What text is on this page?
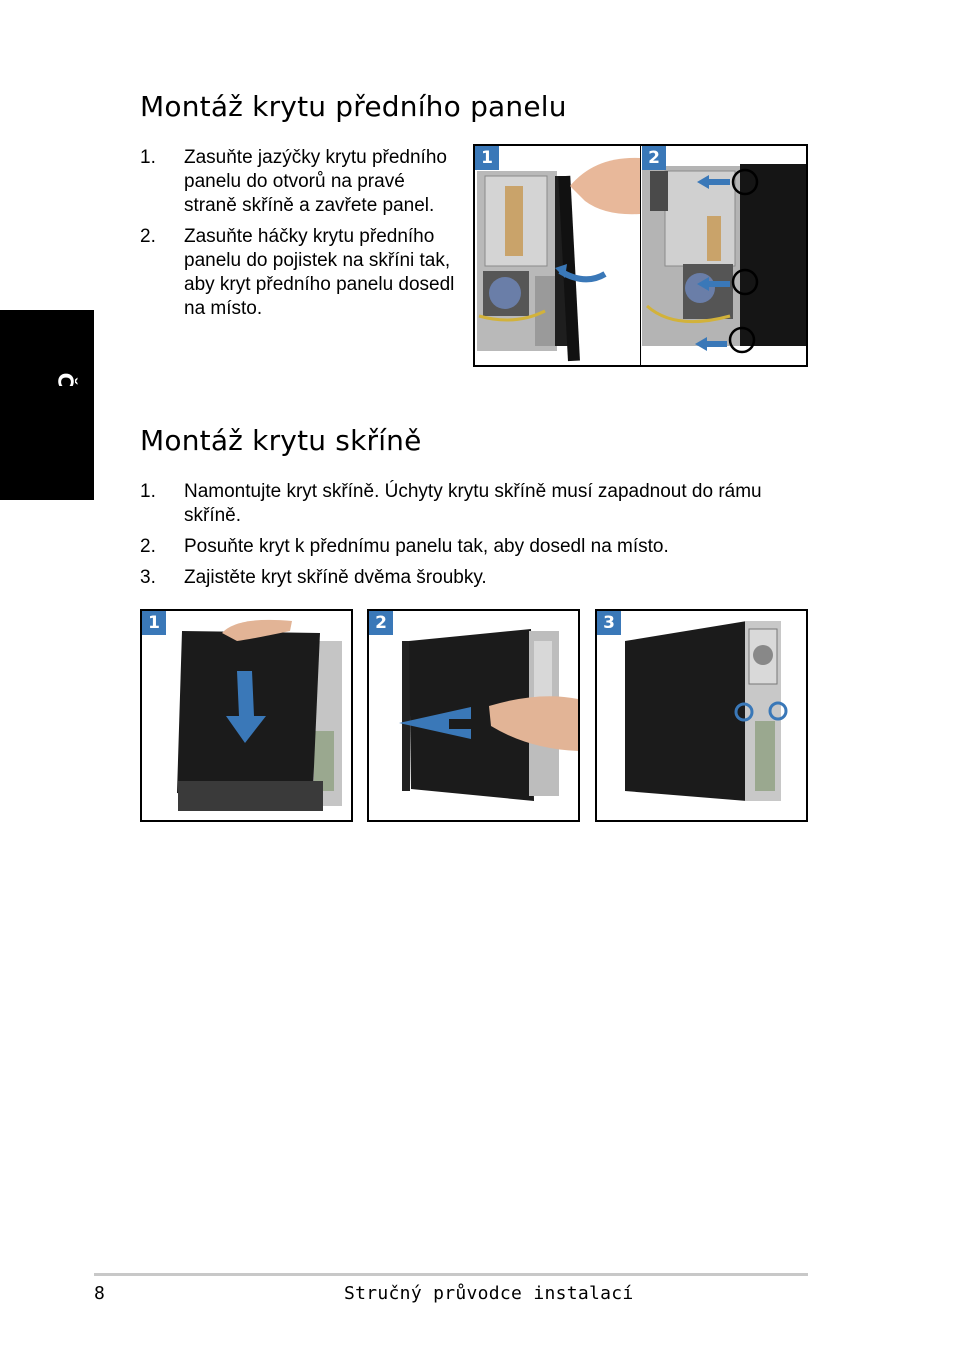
Č
Montáž krytu předního panelu
1. Zasuňte jazýčky krytu předního panelu do otvorů na pravé straně skříně a zavřete panel.
2. Zasuňte háčky krytu předního panelu do pojistek na skříni tak, aby kryt předního panelu dosedl na místo.
1	2
Montáž krytu skříně
1. Namontujte kryt skříně. Úchyty krytu skříně musí zapadnout do rámu skříně.
2. Posuňte kryt k přednímu panelu tak, aby dosedl na místo.
3. Zajistěte kryt skříně dvěma šroubky.
1	2	3
8	Stručný průvodce instalací
